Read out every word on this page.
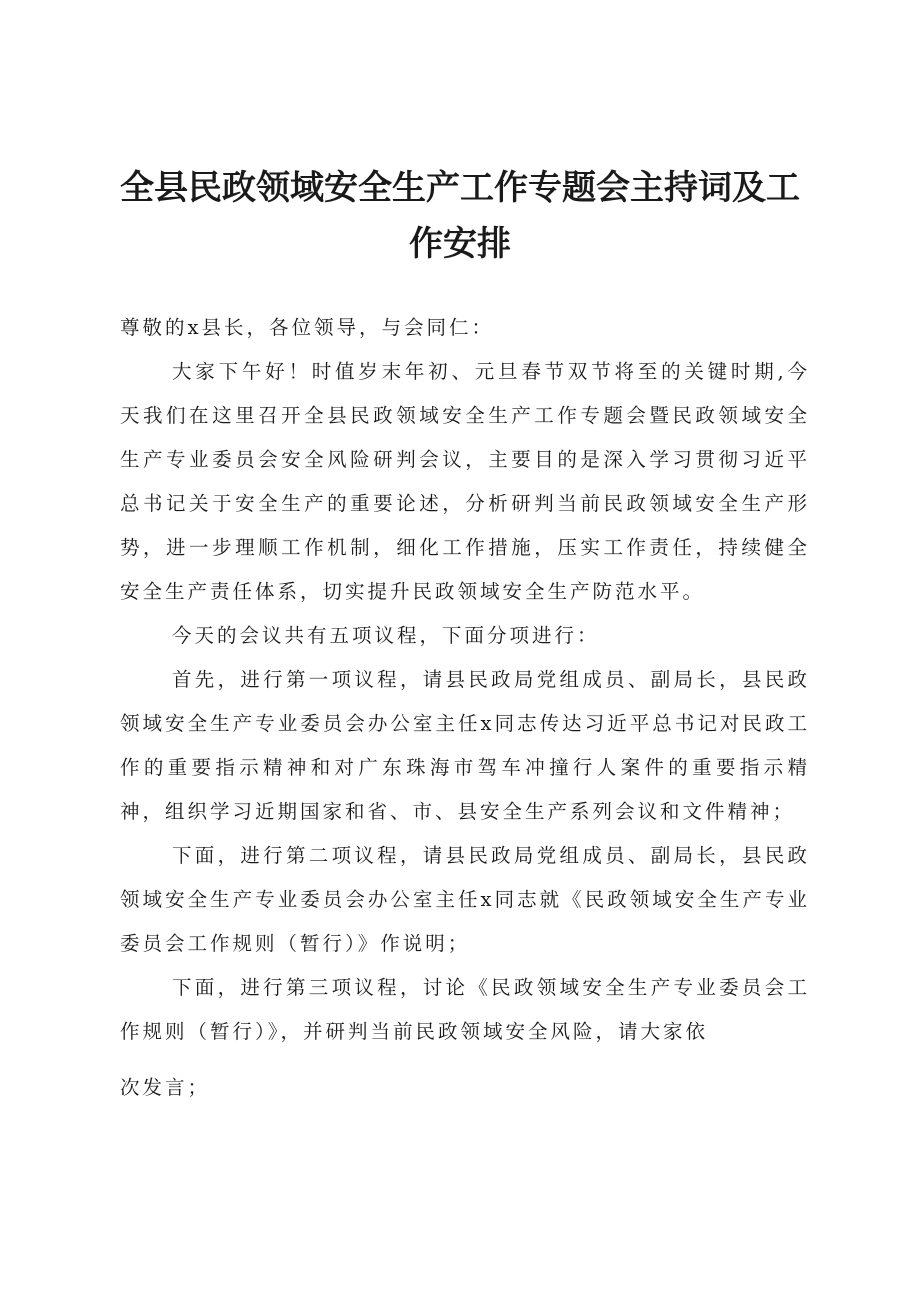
全县民政领域安全生产工作专题会主持词及工
作安排

尊敬的x县长，各位领导，与会同仁：

大家下午好！时值岁末年初、元旦春节双节将至的关键时期,今天我们在这里召开全县民政领域安全生产工作专题会暨民政领域安全生产专业委员会安全风险研判会议，主要目的是深入学习贯彻习近平总书记关于安全生产的重要论述，分析研判当前民政领域安全生产形势，进一步理顺工作机制，细化工作措施，压实工作责任，持续健全安全生产责任体系，切实提升民政领域安全生产防范水平。

今天的会议共有五项议程，下面分项进行：

首先，进行第一项议程，请县民政局党组成员、副局长，县民政领域安全生产专业委员会办公室主任x同志传达习近平总书记对民政工作的重要指示精神和对广东珠海市驾车冲撞行人案件的重要指示精神，组织学习近期国家和省、市、县安全生产系列会议和文件精神；

下面，进行第二项议程，请县民政局党组成员、副局长，县民政领域安全生产专业委员会办公室主任x同志就《民政领域安全生产专业委员会工作规则（暂行）》作说明；

下面，进行第三项议程，讨论《民政领域安全生产专业委员会工作规则（暂行）》，并研判当前民政领域安全风险，请大家依

次发言；
